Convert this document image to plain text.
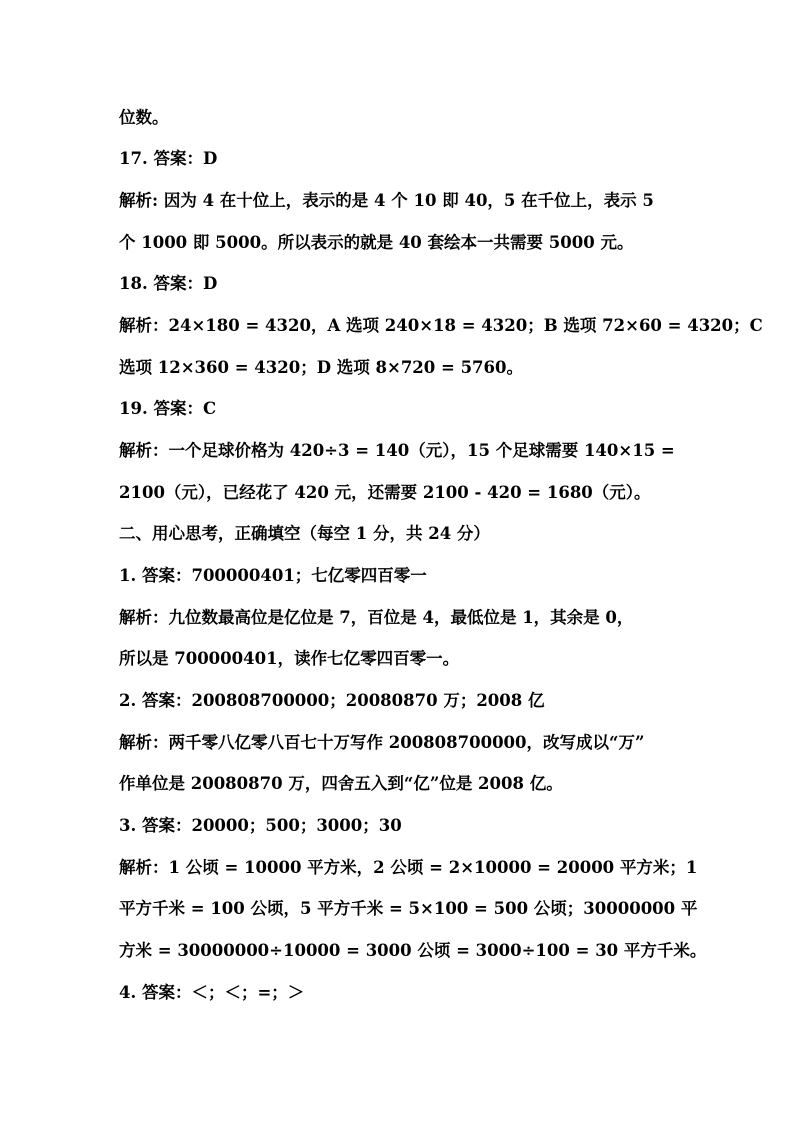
位数。
17. 答案：D
解析: 因为 4 在十位上，表示的是 4 个 10 即 40，5 在千位上，表示 5
个 1000 即 5000。所以表示的就是 40 套绘本一共需要 5000 元。
18. 答案：D
解析：24×180 = 4320，A 选项 240×18 = 4320；B 选项 72×60 = 4320；C
选项 12×360 = 4320；D 选项 8×720 = 5760。
19. 答案：C
解析：一个足球价格为 420÷3 = 140（元），15 个足球需要 140×15 =
2100（元），已经花了 420 元，还需要 2100 - 420 = 1680（元）。
二、用心思考，正确填空（每空 1 分，共 24 分）
1. 答案：700000401；七亿零四百零一
解析：九位数最高位是亿位是 7，百位是 4，最低位是 1，其余是 0，
所以是 700000401，读作七亿零四百零一。
2. 答案：200808700000；20080870 万；2008 亿
解析：两千零八亿零八百七十万写作 200808700000，改写成以“万”
作单位是 20080870 万，四舍五入到“亿”位是 2008 亿。
3. 答案：20000；500；3000；30
解析：1 公顷 = 10000 平方米，2 公顷 = 2×10000 = 20000 平方米；1
平方千米 = 100 公顷，5 平方千米 = 5×100 = 500 公顷；30000000 平
方米 = 30000000÷10000 = 3000 公顷 = 3000÷100 = 30 平方千米。
4. 答案：＜；＜；=；＞
